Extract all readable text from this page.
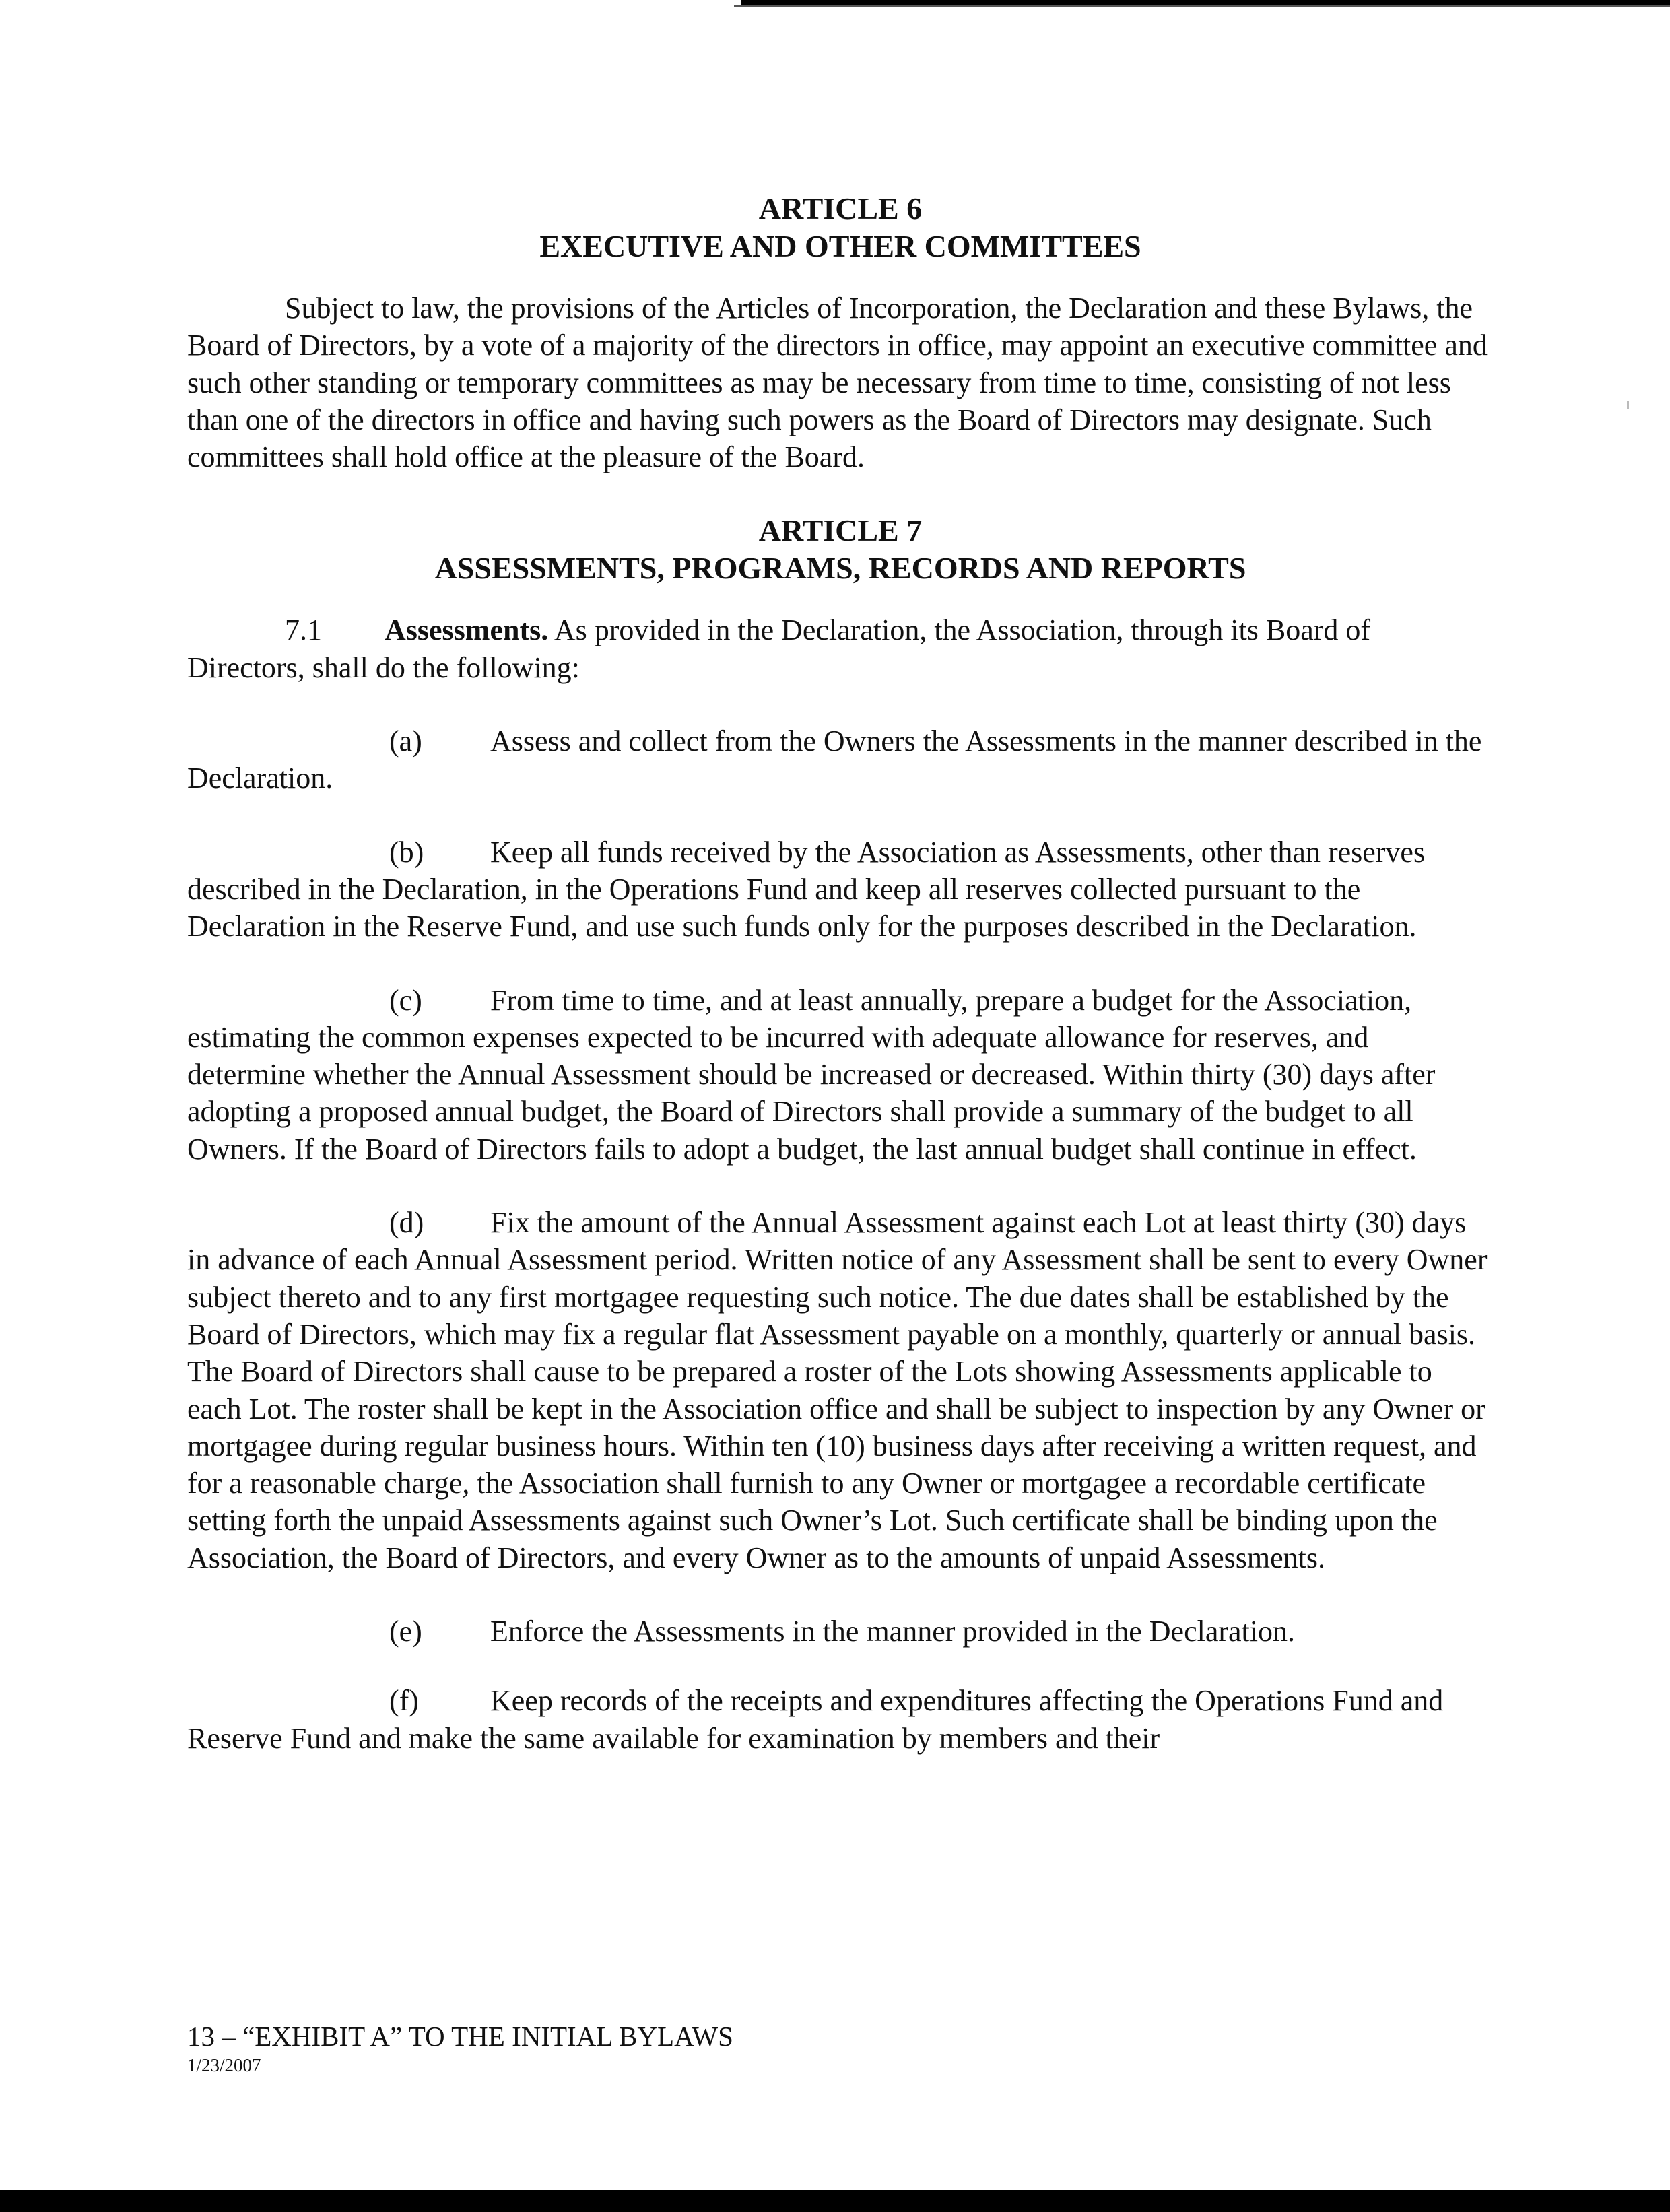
ARTICLE 6
EXECUTIVE AND OTHER COMMITTEES

Subject to law, the provisions of the Articles of Incorporation, the Declaration and these Bylaws, the Board of Directors, by a vote of a majority of the directors in office, may appoint an executive committee and such other standing or temporary committees as may be necessary from time to time, consisting of not less than one of the directors in office and having such powers as the Board of Directors may designate. Such committees shall hold office at the pleasure of the Board.

ARTICLE 7
ASSESSMENTS, PROGRAMS, RECORDS AND REPORTS

7.1 Assessments. As provided in the Declaration, the Association, through its Board of Directors, shall do the following:

(a) Assess and collect from the Owners the Assessments in the manner described in the Declaration.

(b) Keep all funds received by the Association as Assessments, other than reserves described in the Declaration, in the Operations Fund and keep all reserves collected pursuant to the Declaration in the Reserve Fund, and use such funds only for the purposes described in the Declaration.

(c) From time to time, and at least annually, prepare a budget for the Association, estimating the common expenses expected to be incurred with adequate allowance for reserves, and determine whether the Annual Assessment should be increased or decreased. Within thirty (30) days after adopting a proposed annual budget, the Board of Directors shall provide a summary of the budget to all Owners. If the Board of Directors fails to adopt a budget, the last annual budget shall continue in effect.

(d) Fix the amount of the Annual Assessment against each Lot at least thirty (30) days in advance of each Annual Assessment period. Written notice of any Assessment shall be sent to every Owner subject thereto and to any first mortgagee requesting such notice. The due dates shall be established by the Board of Directors, which may fix a regular flat Assessment payable on a monthly, quarterly or annual basis. The Board of Directors shall cause to be prepared a roster of the Lots showing Assessments applicable to each Lot. The roster shall be kept in the Association office and shall be subject to inspection by any Owner or mortgagee during regular business hours. Within ten (10) business days after receiving a written request, and for a reasonable charge, the Association shall furnish to any Owner or mortgagee a recordable certificate setting forth the unpaid Assessments against such Owner’s Lot. Such certificate shall be binding upon the Association, the Board of Directors, and every Owner as to the amounts of unpaid Assessments.

(e) Enforce the Assessments in the manner provided in the Declaration.

(f) Keep records of the receipts and expenditures affecting the Operations Fund and Reserve Fund and make the same available for examination by members and their

13 – “EXHIBIT A” TO THE INITIAL BYLAWS

1/23/2007
